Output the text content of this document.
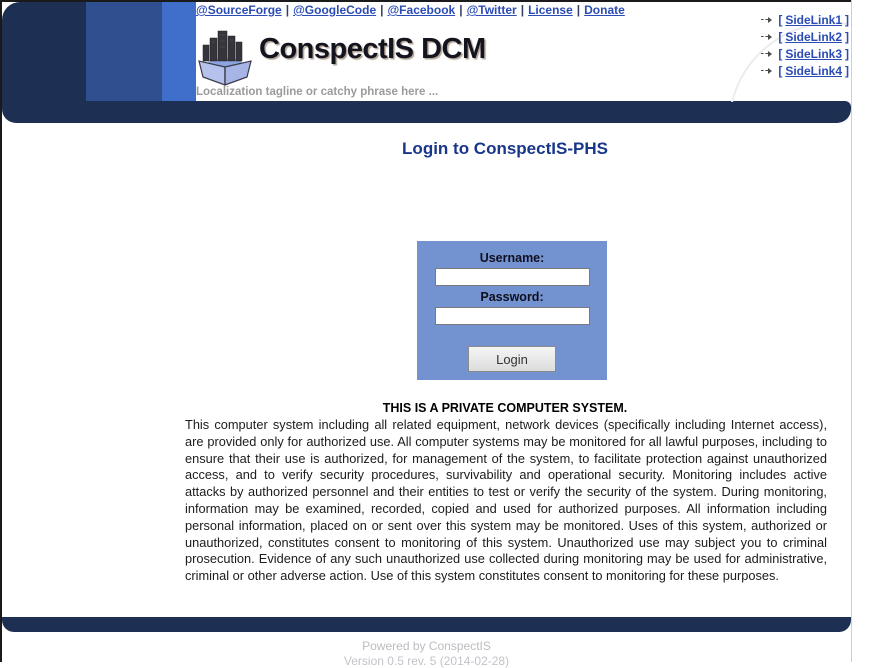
@SourceForge | @GoogleCode | @Facebook | @Twitter | License | Donate
ConspectIS DCM
Localization tagline or catchy phrase here ...
[ SideLink1 ]
[ SideLink2 ]
[ SideLink3 ]
[ SideLink4 ]
Login to ConspectIS-PHS
Username:
Password:
Login
THIS IS A PRIVATE COMPUTER SYSTEM.
This computer system including all related equipment, network devices (specifically including Internet access), are provided only for authorized use. All computer systems may be monitored for all lawful purposes, including to ensure that their use is authorized, for management of the system, to facilitate protection against unauthorized access, and to verify security procedures, survivability and operational security. Monitoring includes active attacks by authorized personnel and their entities to test or verify the security of the system. During monitoring, information may be examined, recorded, copied and used for authorized purposes. All information including personal information, placed on or sent over this system may be monitored. Uses of this system, authorized or unauthorized, constitutes consent to monitoring of this system. Unauthorized use may subject you to criminal prosecution. Evidence of any such unauthorized use collected during monitoring may be used for administrative, criminal or other adverse action. Use of this system constitutes consent to monitoring for these purposes.
Powered by ConspectIS
Version 0.5 rev. 5 (2014-02-28)
